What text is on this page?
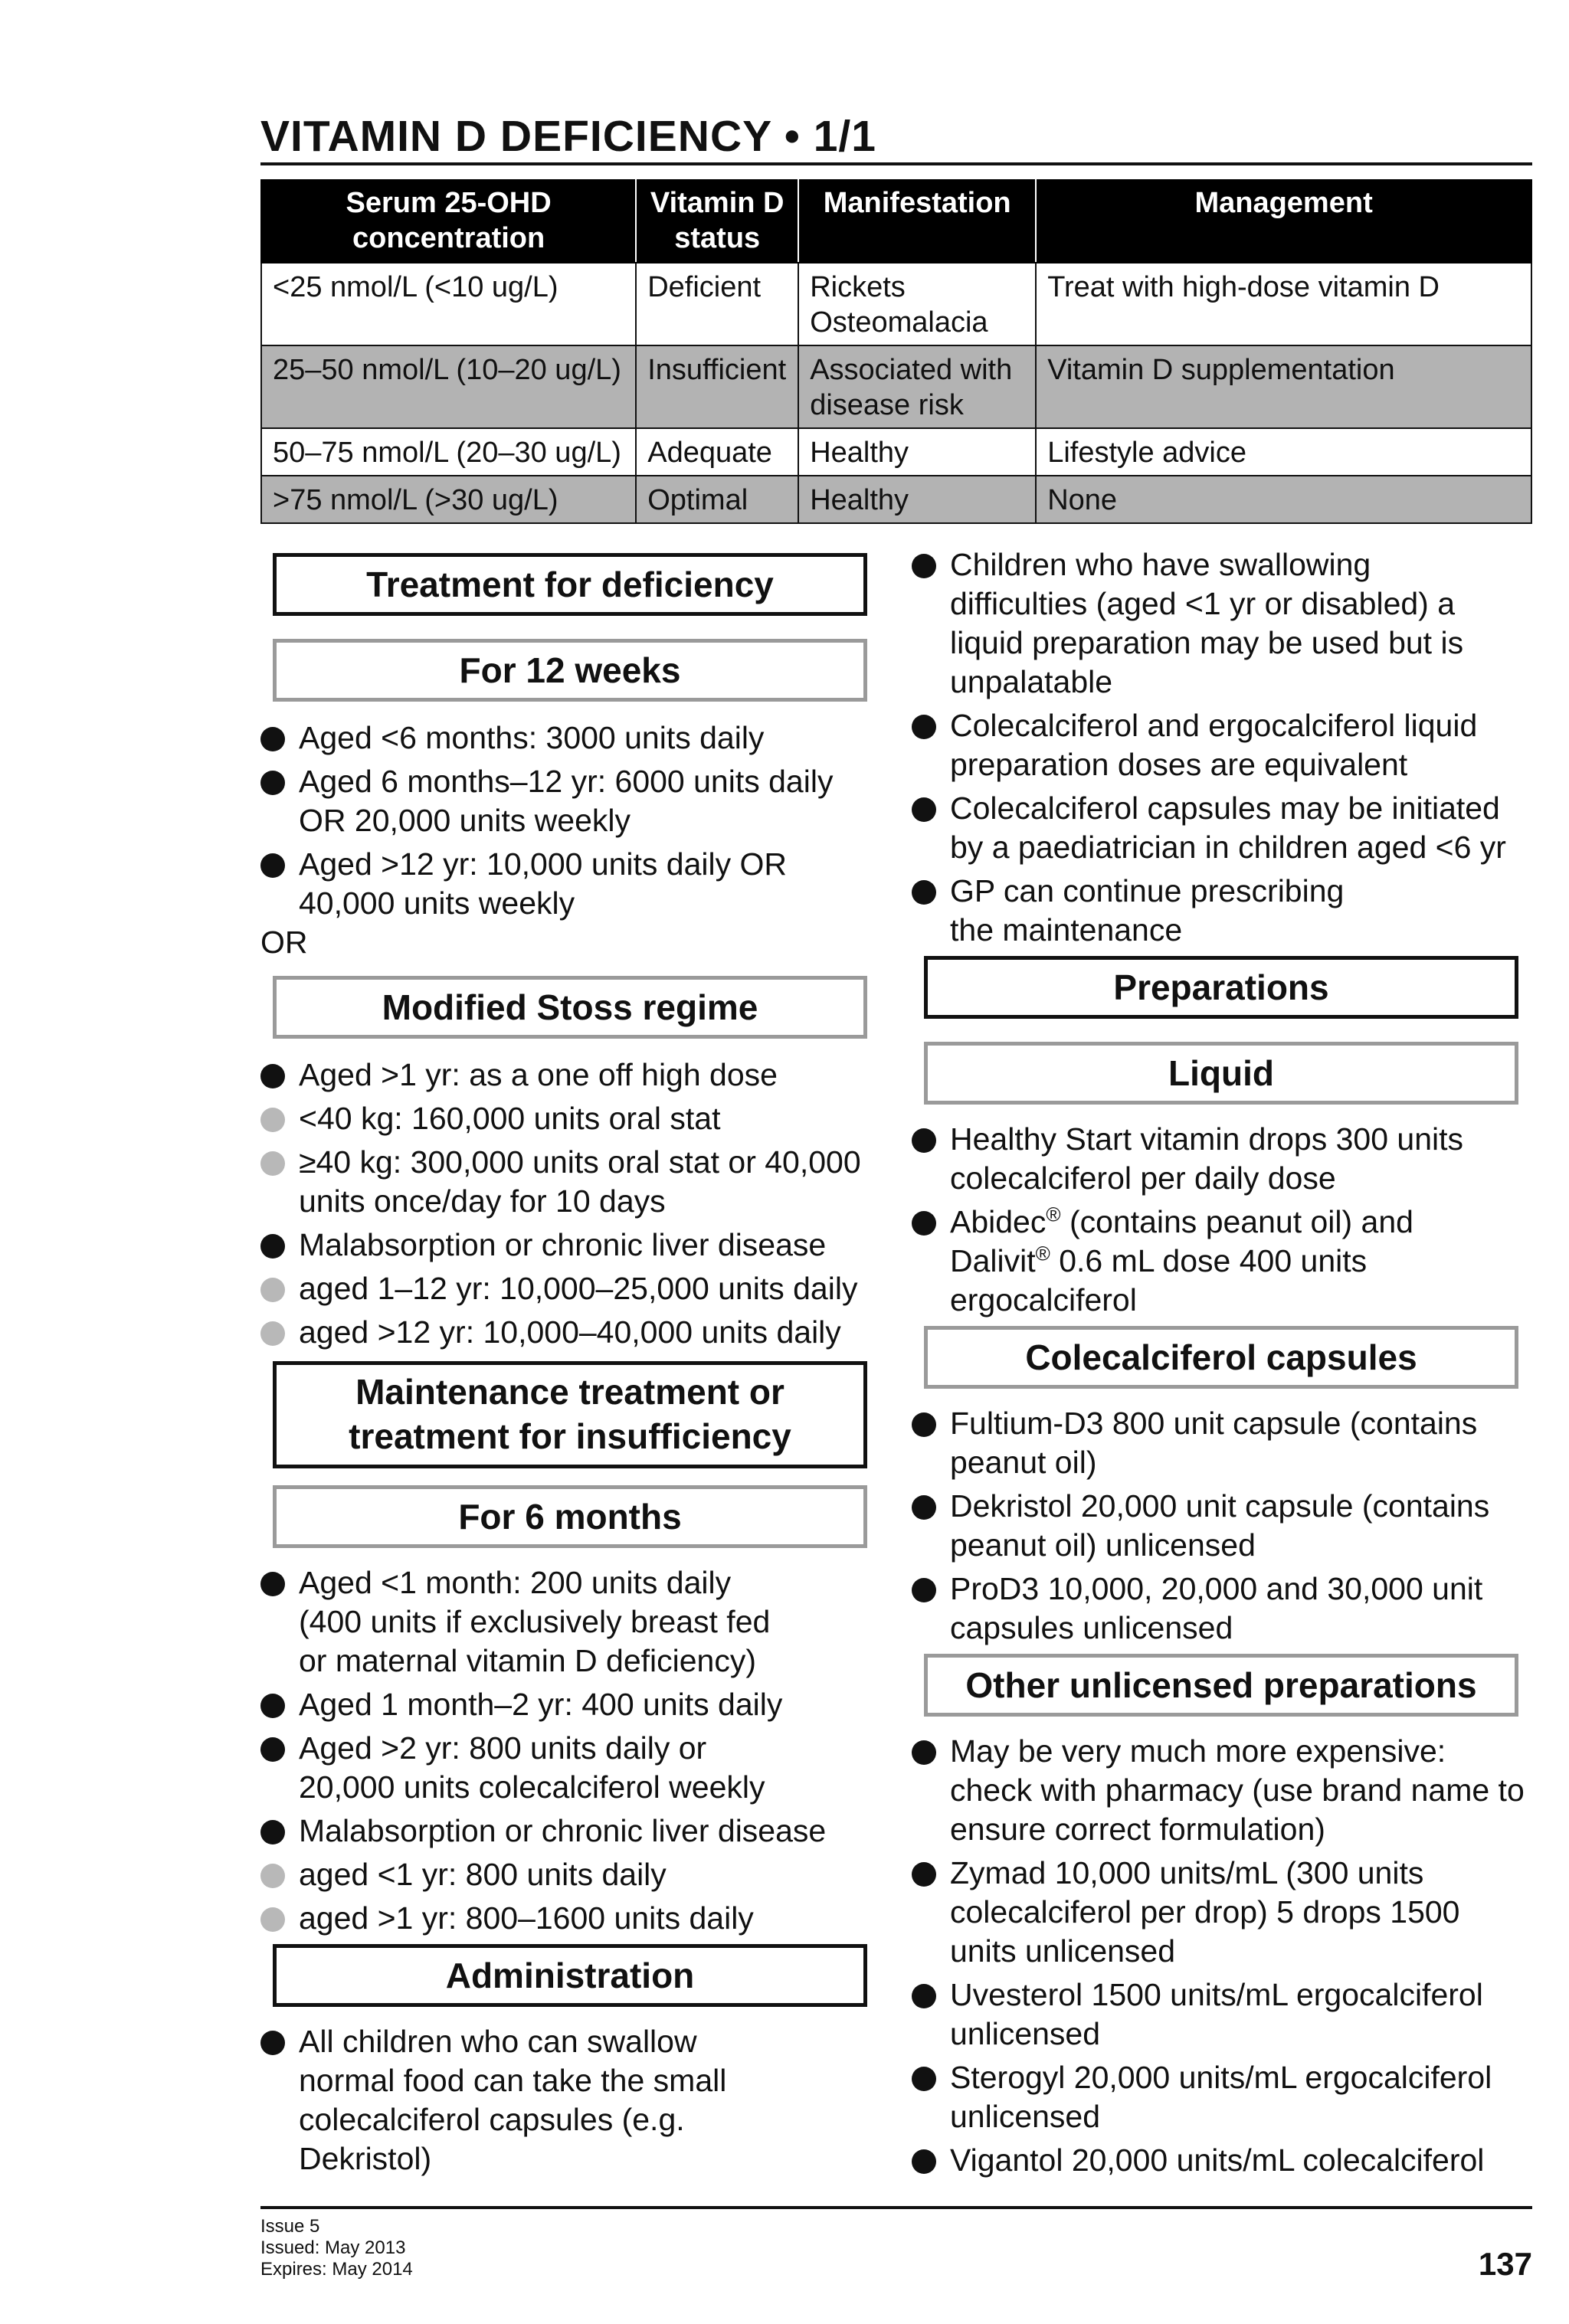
VITAMIN D DEFICIENCY • 1/1
Serum 25-OHD concentration	Vitamin D status	Manifestation	Management
<25 nmol/L (<10 ug/L)	Deficient	Rickets Osteomalacia	Treat with high-dose vitamin D
25–50 nmol/L (10–20 ug/L)	Insufficient	Associated with disease risk	Vitamin D supplementation
50–75 nmol/L (20–30 ug/L)	Adequate	Healthy	Lifestyle advice
>75 nmol/L (>30 ug/L)	Optimal	Healthy	None
Treatment for deficiency
For 12 weeks
Aged <6 months: 3000 units daily
Aged 6 months–12 yr: 6000 units daily OR 20,000 units weekly
Aged >12 yr: 10,000 units daily OR 40,000 units weekly
OR
Modified Stoss regime
Aged >1 yr: as a one off high dose
<40 kg: 160,000 units oral stat
≥40 kg: 300,000 units oral stat or 40,000 units once/day for 10 days
Malabsorption or chronic liver disease
aged 1–12 yr: 10,000–25,000 units daily
aged >12 yr: 10,000–40,000 units daily
Maintenance treatment or
treatment for insufficiency
For 6 months
Aged <1 month: 200 units daily (400 units if exclusively breast fed or maternal vitamin D deficiency)
Aged 1 month–2 yr: 400 units daily
Aged >2 yr: 800 units daily or 20,000 units colecalciferol weekly
Malabsorption or chronic liver disease
aged <1 yr: 800 units daily
aged >1 yr: 800–1600 units daily
Administration
All children who can swallow normal food can take the small colecalciferol capsules (e.g. Dekristol)
Children who have swallowing difficulties (aged <1 yr or disabled) a liquid preparation may be used but is unpalatable
Colecalciferol and ergocalciferol liquid preparation doses are equivalent
Colecalciferol capsules may be initiated by a paediatrician in children aged <6 yr
GP can continue prescribing the maintenance
Preparations
Liquid
Healthy Start vitamin drops 300 units colecalciferol per daily dose
Abidec® (contains peanut oil) and Dalivit® 0.6 mL dose 400 units ergocalciferol
Colecalciferol capsules
Fultium-D3 800 unit capsule (contains peanut oil)
Dekristol 20,000 unit capsule (contains peanut oil) unlicensed
ProD3 10,000, 20,000 and 30,000 unit capsules unlicensed
Other unlicensed preparations
May be very much more expensive: check with pharmacy (use brand name to ensure correct formulation)
Zymad 10,000 units/mL (300 units colecalciferol per drop) 5 drops 1500 units unlicensed
Uvesterol 1500 units/mL ergocalciferol unlicensed
Sterogyl 20,000 units/mL ergocalciferol unlicensed
Vigantol 20,000 units/mL colecalciferol
Issue 5
Issued: May 2013
Expires: May 2014	137
